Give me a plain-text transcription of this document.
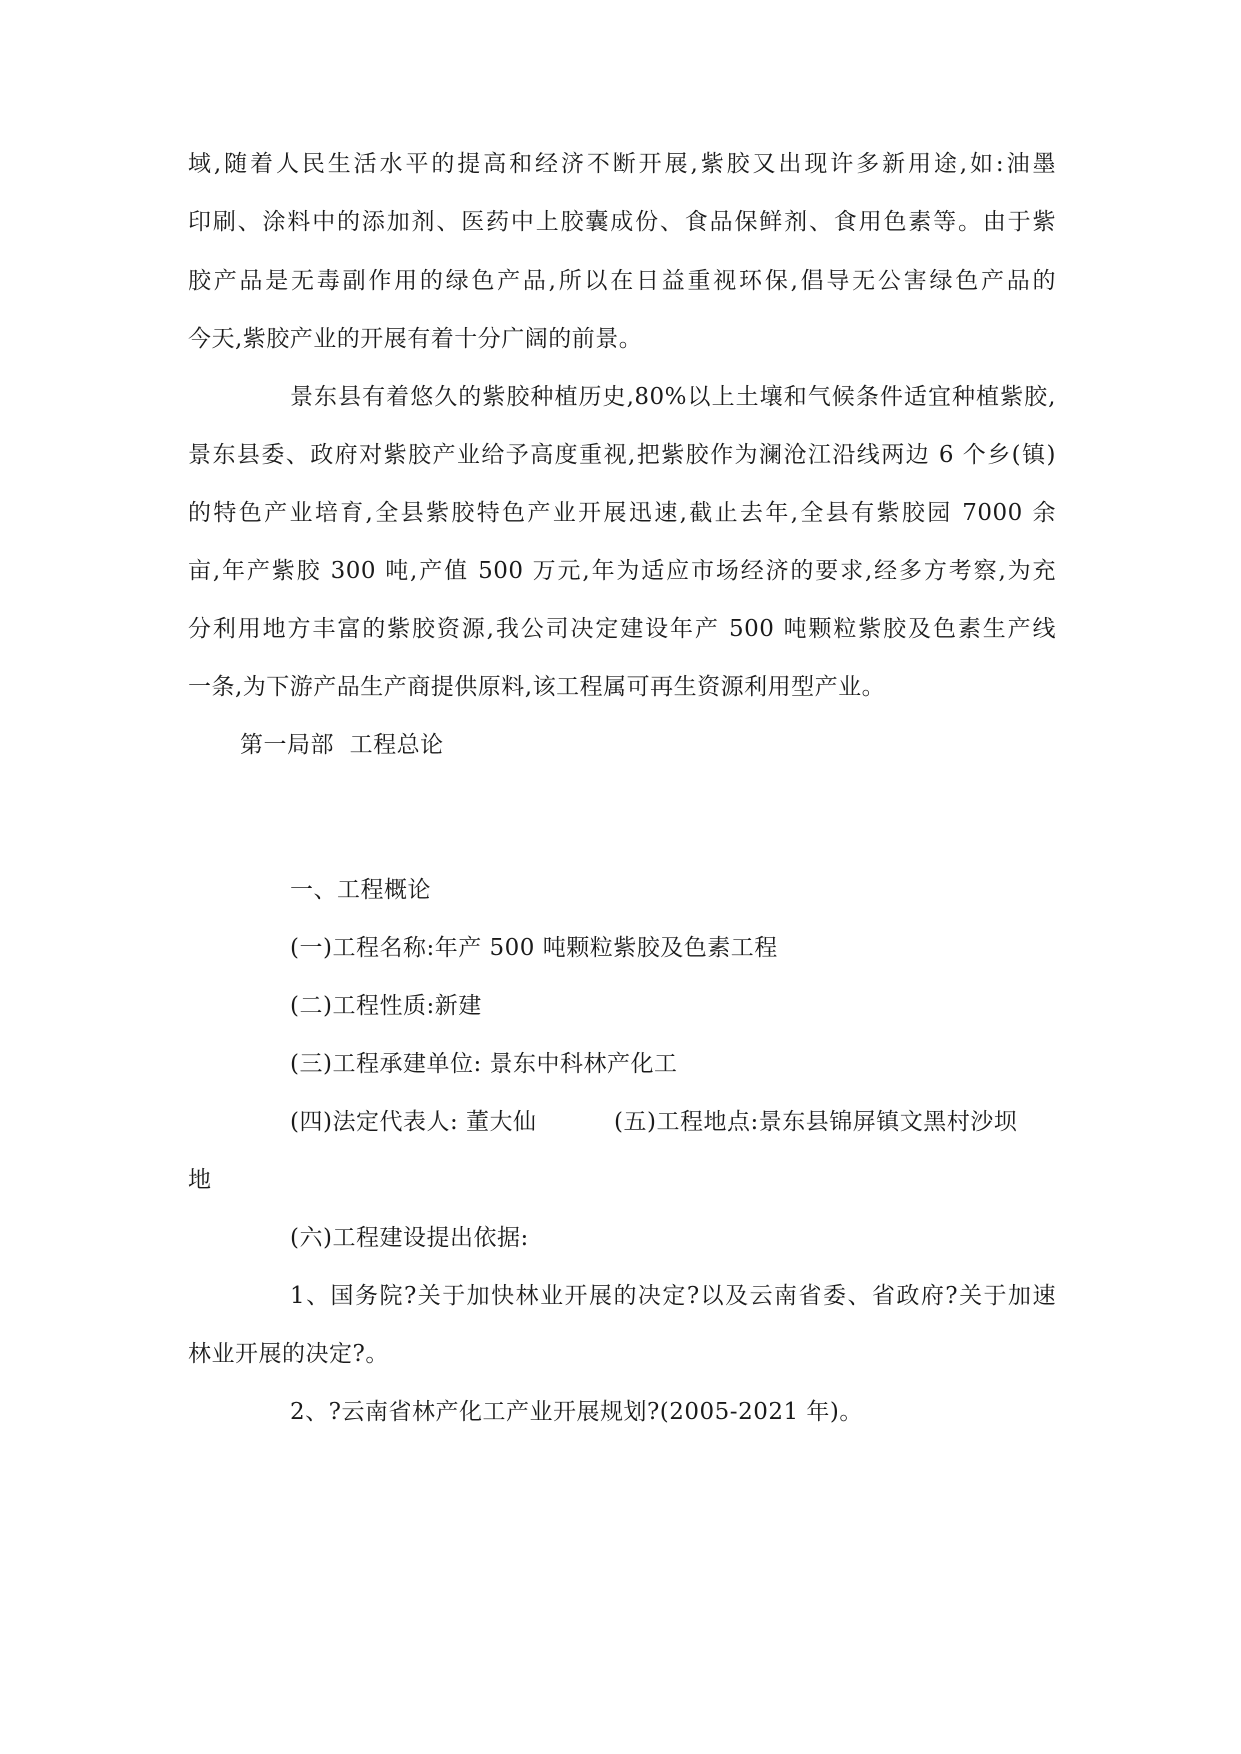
域,随着人民生活水平的提高和经济不断开展,紫胶又出现许多新用途,如:油墨
印刷、涂料中的添加剂、医药中上胶囊成份、食品保鲜剂、食用色素等。由于紫
胶产品是无毒副作用的绿色产品,所以在日益重视环保,倡导无公害绿色产品的
今天,紫胶产业的开展有着十分广阔的前景。
景东县有着悠久的紫胶种植历史,80%以上土壤和气候条件适宜种植紫胶,
景东县委、政府对紫胶产业给予高度重视,把紫胶作为澜沧江沿线两边 6 个乡(镇)
的特色产业培育,全县紫胶特色产业开展迅速,截止去年,全县有紫胶园 7000 余
亩,年产紫胶 300 吨,产值 500 万元,年为适应市场经济的要求,经多方考察,为充
分利用地方丰富的紫胶资源,我公司决定建设年产 500 吨颗粒紫胶及色素生产线
一条,为下游产品生产商提供原料,该工程属可再生资源利用型产业。
第一局部  工程总论
一、工程概论
(一)工程名称:年产 500 吨颗粒紫胶及色素工程
(二)工程性质:新建
(三)工程承建单位: 景东中科林产化工
(四)法定代表人: 董大仙	(五)工程地点:景东县锦屏镇文黑村沙坝
地
(六)工程建设提出依据:
1、国务院?关于加快林业开展的决定?以及云南省委、省政府?关于加速
林业开展的决定?。
2、?云南省林产化工产业开展规划?(2005-2021 年)。
